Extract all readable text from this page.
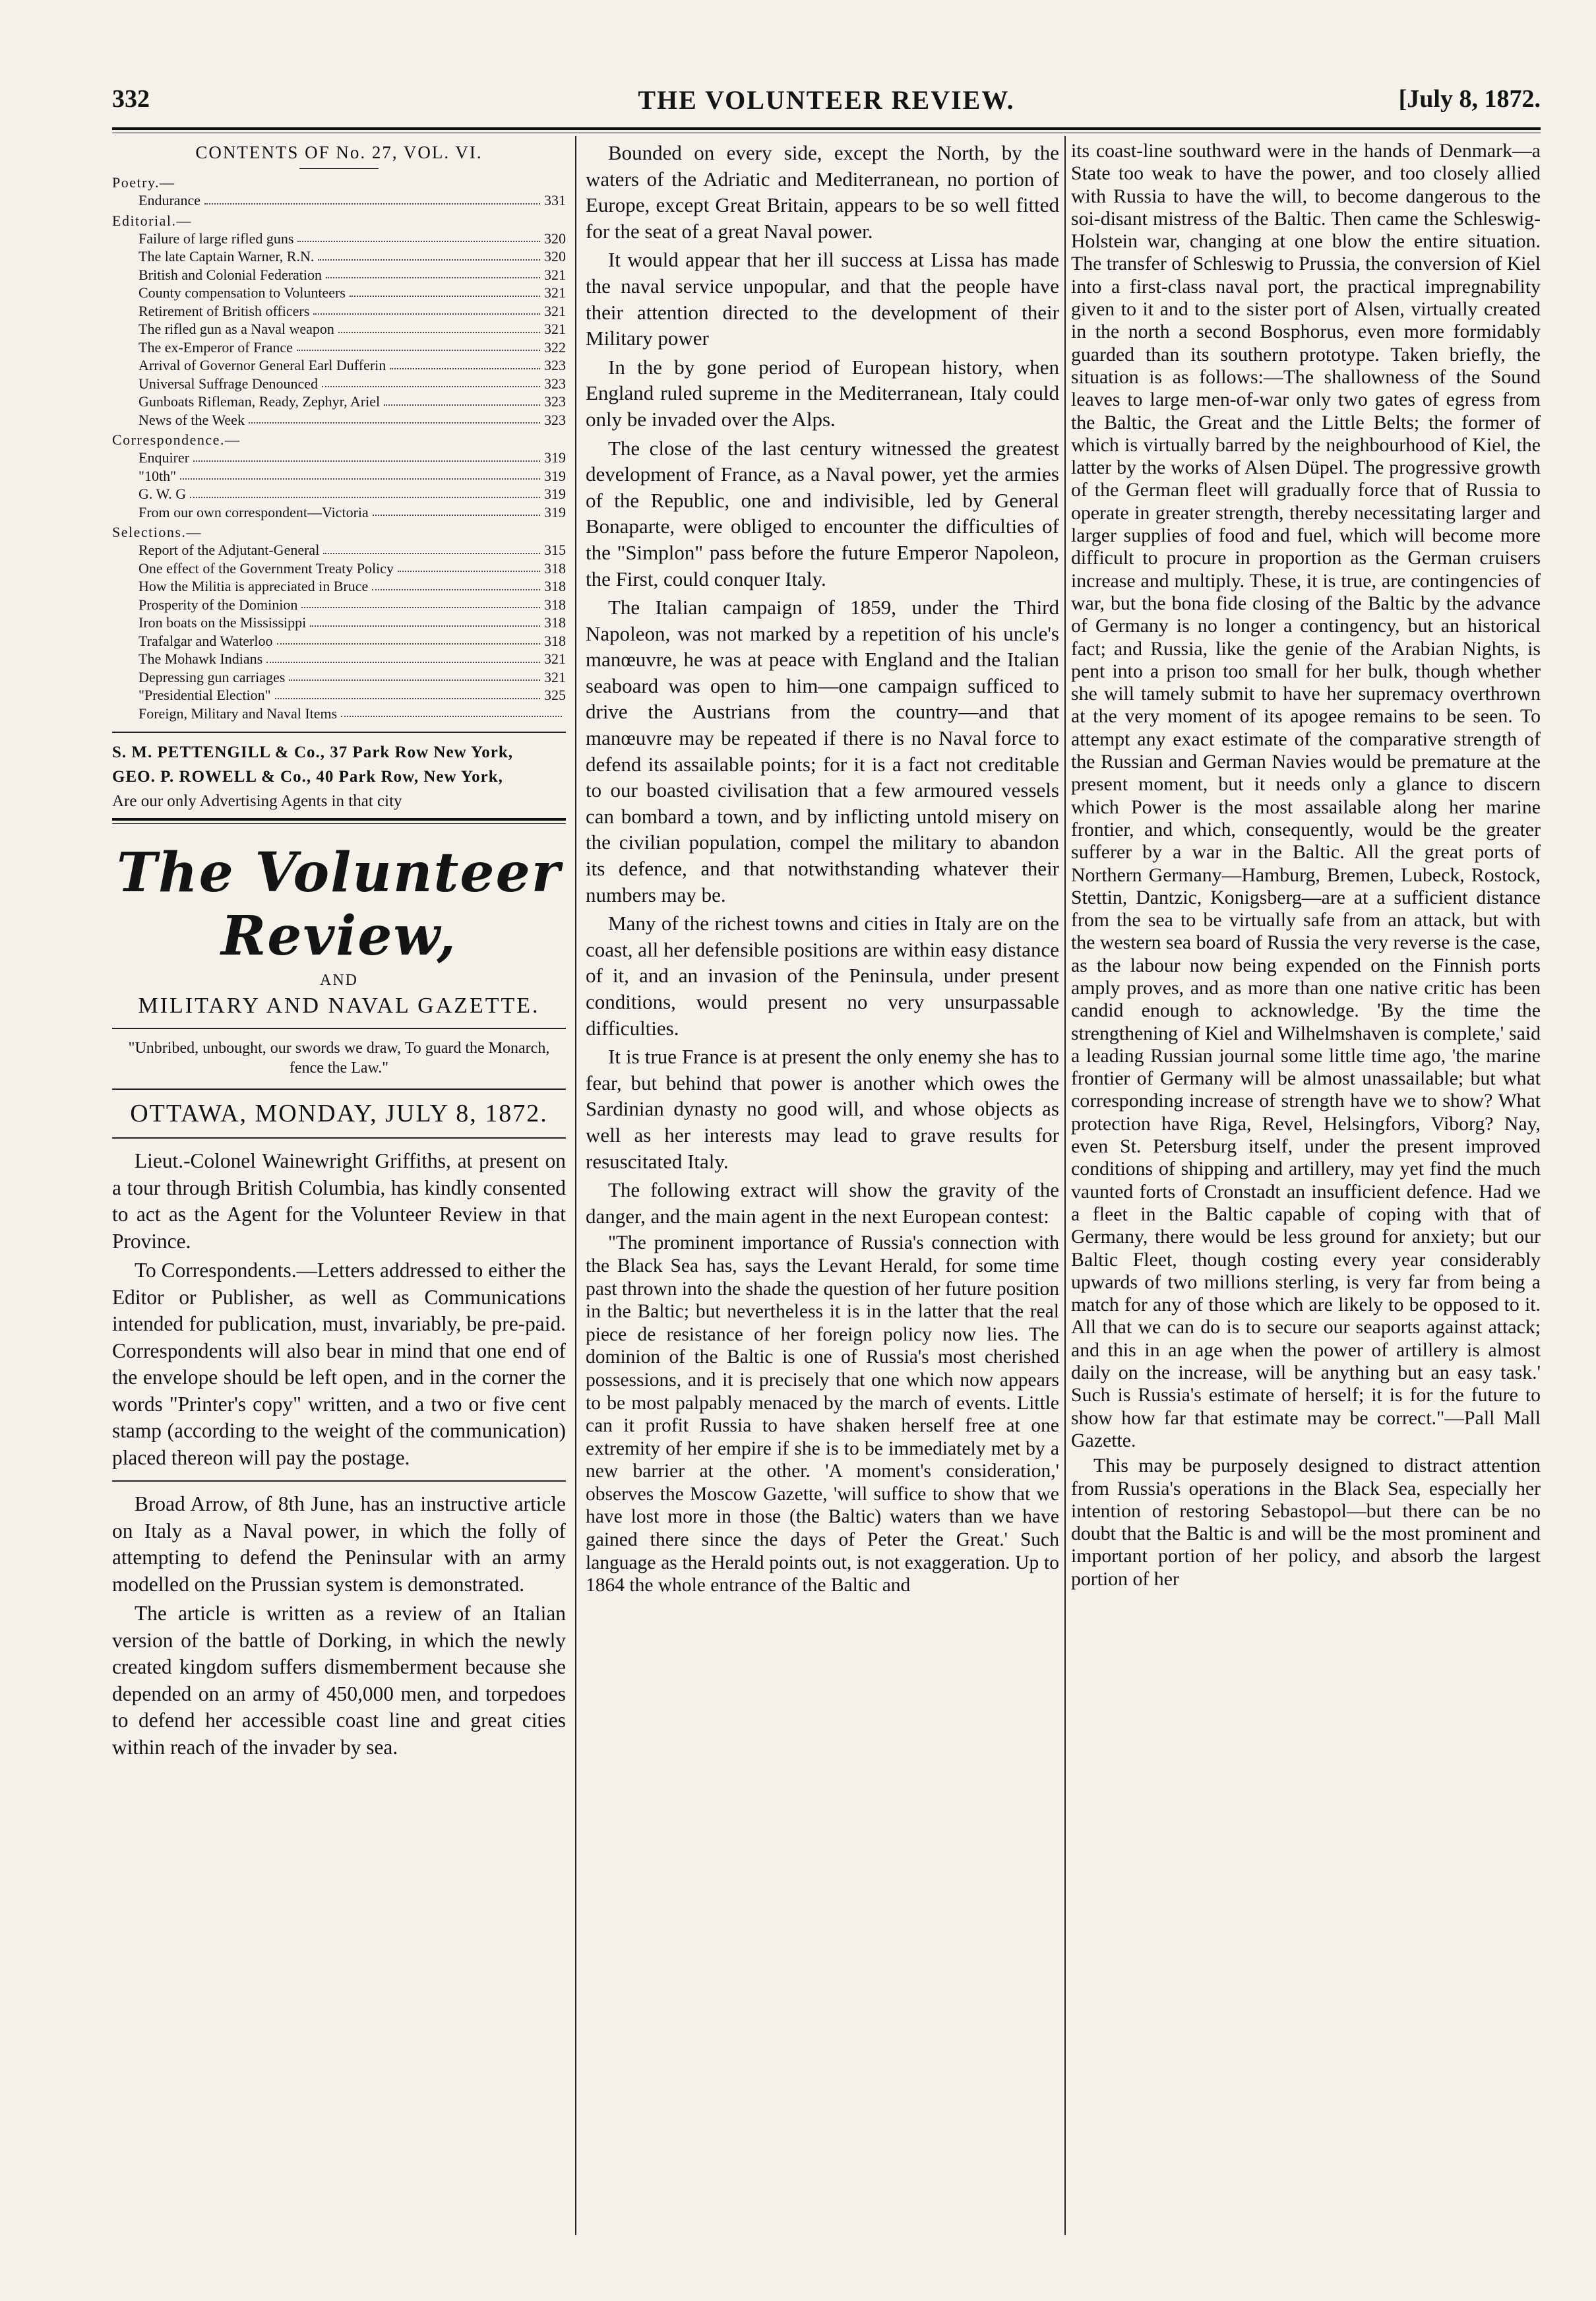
332	THE VOLUNTEER REVIEW.	[July 8, 1872.
CONTENTS OF No. 27, VOL. VI.
Poetry.—
Endurance	331
Editorial.—
Failure of large rifled guns	320
The late Captain Warner, R.N.	320
British and Colonial Federation	321
County compensation to Volunteers	321
Retirement of British officers	321
The rifled gun as a Naval weapon	321
The ex-Emperor of France	322
Arrival of Governor General Earl Dufferin	323
Universal Suffrage Denounced	323
Gunboats Rifleman, Ready, Zephyr, Ariel	323
News of the Week	323
Correspondence.—
Enquirer	319
"10th"	319
G. W. G	319
From our own correspondent—Victoria	319
Selections.—
Report of the Adjutant-General	315
One effect of the Government Treaty Policy	318
How the Militia is appreciated in Bruce	318
Prosperity of the Dominion	318
Iron boats on the Mississippi	318
Trafalgar and Waterloo	318
The Mohawk Indians	321
Depressing gun carriages	321
"Presidential Election"	325
Foreign, Military and Naval Items
S. M. PETTENGILL & Co., 37 Park Row New York,
GEO. P. ROWELL & Co., 40 Park Row, New York,
Are our only Advertising Agents in that city
The Volunteer Review,
AND
MILITARY AND NAVAL GAZETTE.
"Unbribed, unbought, our swords we draw, To guard the Monarch, fence the Law."
OTTAWA, MONDAY, JULY 8, 1872.

Lieut.-Colonel Wainewright Griffiths, at present on a tour through British Columbia, has kindly consented to act as the Agent for the Volunteer Review in that Province.

To Correspondents.—Letters addressed to either the Editor or Publisher, as well as Communications intended for publication, must, invariably, be pre-paid. Correspondents will also bear in mind that one end of the envelope should be left open, and in the corner the words "Printer's copy" written, and a two or five cent stamp (according to the weight of the communication) placed thereon will pay the postage.

Broad Arrow, of 8th June, has an instructive article on Italy as a Naval power, in which the folly of attempting to defend the Peninsular with an army modelled on the Prussian system is demonstrated.

The article is written as a review of an Italian version of the battle of Dorking, in which the newly created kingdom suffers dismemberment because she depended on an army of 450,000 men, and torpedoes to defend her accessible coast line and great cities within reach of the invader by sea.

Bounded on every side, except the North, by the waters of the Adriatic and Mediterranean, no portion of Europe, except Great Britain, appears to be so well fitted for the seat of a great Naval power.

It would appear that her ill success at Lissa has made the naval service unpopular, and that the people have their attention directed to the development of their Military power

In the by gone period of European history, when England ruled supreme in the Mediterranean, Italy could only be invaded over the Alps.

The close of the last century witnessed the greatest development of France, as a Naval power, yet the armies of the Republic, one and indivisible, led by General Bonaparte, were obliged to encounter the difficulties of the "Simplon" pass before the future Emperor Napoleon, the First, could conquer Italy.

The Italian campaign of 1859, under the Third Napoleon, was not marked by a repetition of his uncle's manœuvre, he was at peace with England and the Italian seaboard was open to him—one campaign sufficed to drive the Austrians from the country—and that manœuvre may be repeated if there is no Naval force to defend its assailable points; for it is a fact not creditable to our boasted civilisation that a few armoured vessels can bombard a town, and by inflicting untold misery on the civilian population, compel the military to abandon its defence, and that notwithstanding whatever their numbers may be.

Many of the richest towns and cities in Italy are on the coast, all her defensible positions are within easy distance of it, and an invasion of the Peninsula, under present conditions, would present no very unsurpassable difficulties.

It is true France is at present the only enemy she has to fear, but behind that power is another which owes the Sardinian dynasty no good will, and whose objects as well as her interests may lead to grave results for resuscitated Italy.

The following extract will show the gravity of the danger, and the main agent in the next European contest:

"The prominent importance of Russia's connection with the Black Sea has, says the Levant Herald, for some time past thrown into the shade the question of her future position in the Baltic; but nevertheless it is in the latter that the real piece de resistance of her foreign policy now lies. The dominion of the Baltic is one of Russia's most cherished possessions, and it is precisely that one which now appears to be most palpably menaced by the march of events. Little can it profit Russia to have shaken herself free at one extremity of her empire if she is to be immediately met by a new barrier at the other. 'A moment's consideration,' observes the Moscow Gazette, 'will suffice to show that we have lost more in those (the Baltic) waters than we have gained there since the days of Peter the Great.' Such language as the Herald points out, is not exaggeration. Up to 1864 the whole entrance of the Baltic and

its coast-line southward were in the hands of Denmark—a State too weak to have the power, and too closely allied with Russia to have the will, to become dangerous to the soi-disant mistress of the Baltic. Then came the Schleswig-Holstein war, changing at one blow the entire situation. The transfer of Schleswig to Prussia, the conversion of Kiel into a first-class naval port, the practical impregnability given to it and to the sister port of Alsen, virtually created in the north a second Bosphorus, even more formidably guarded than its southern prototype. Taken briefly, the situation is as follows:—The shallowness of the Sound leaves to large men-of-war only two gates of egress from the Baltic, the Great and the Little Belts; the former of which is virtually barred by the neighbourhood of Kiel, the latter by the works of Alsen Düpel. The progressive growth of the German fleet will gradually force that of Russia to operate in greater strength, thereby necessitating larger and larger supplies of food and fuel, which will become more difficult to procure in proportion as the German cruisers increase and multiply. These, it is true, are contingencies of war, but the bona fide closing of the Baltic by the advance of Germany is no longer a contingency, but an historical fact; and Russia, like the genie of the Arabian Nights, is pent into a prison too small for her bulk, though whether she will tamely submit to have her supremacy overthrown at the very moment of its apogee remains to be seen. To attempt any exact estimate of the comparative strength of the Russian and German Navies would be premature at the present moment, but it needs only a glance to discern which Power is the most assailable along her marine frontier, and which, consequently, would be the greater sufferer by a war in the Baltic. All the great ports of Northern Germany—Hamburg, Bremen, Lubeck, Rostock, Stettin, Dantzic, Konigsberg—are at a sufficient distance from the sea to be virtually safe from an attack, but with the western sea board of Russia the very reverse is the case, as the labour now being expended on the Finnish ports amply proves, and as more than one native critic has been candid enough to acknowledge. 'By the time the strengthening of Kiel and Wilhelmshaven is complete,' said a leading Russian journal some little time ago, 'the marine frontier of Germany will be almost unassailable; but what corresponding increase of strength have we to show? What protection have Riga, Revel, Helsingfors, Viborg? Nay, even St. Petersburg itself, under the present improved conditions of shipping and artillery, may yet find the much vaunted forts of Cronstadt an insufficient defence. Had we a fleet in the Baltic capable of coping with that of Germany, there would be less ground for anxiety; but our Baltic Fleet, though costing every year considerably upwards of two millions sterling, is very far from being a match for any of those which are likely to be opposed to it. All that we can do is to secure our seaports against attack; and this in an age when the power of artillery is almost daily on the increase, will be anything but an easy task.' Such is Russia's estimate of herself; it is for the future to show how far that estimate may be correct."—Pall Mall Gazette.

This may be purposely designed to distract attention from Russia's operations in the Black Sea, especially her intention of restoring Sebastopol—but there can be no doubt that the Baltic is and will be the most prominent and important portion of her policy, and absorb the largest portion of her
